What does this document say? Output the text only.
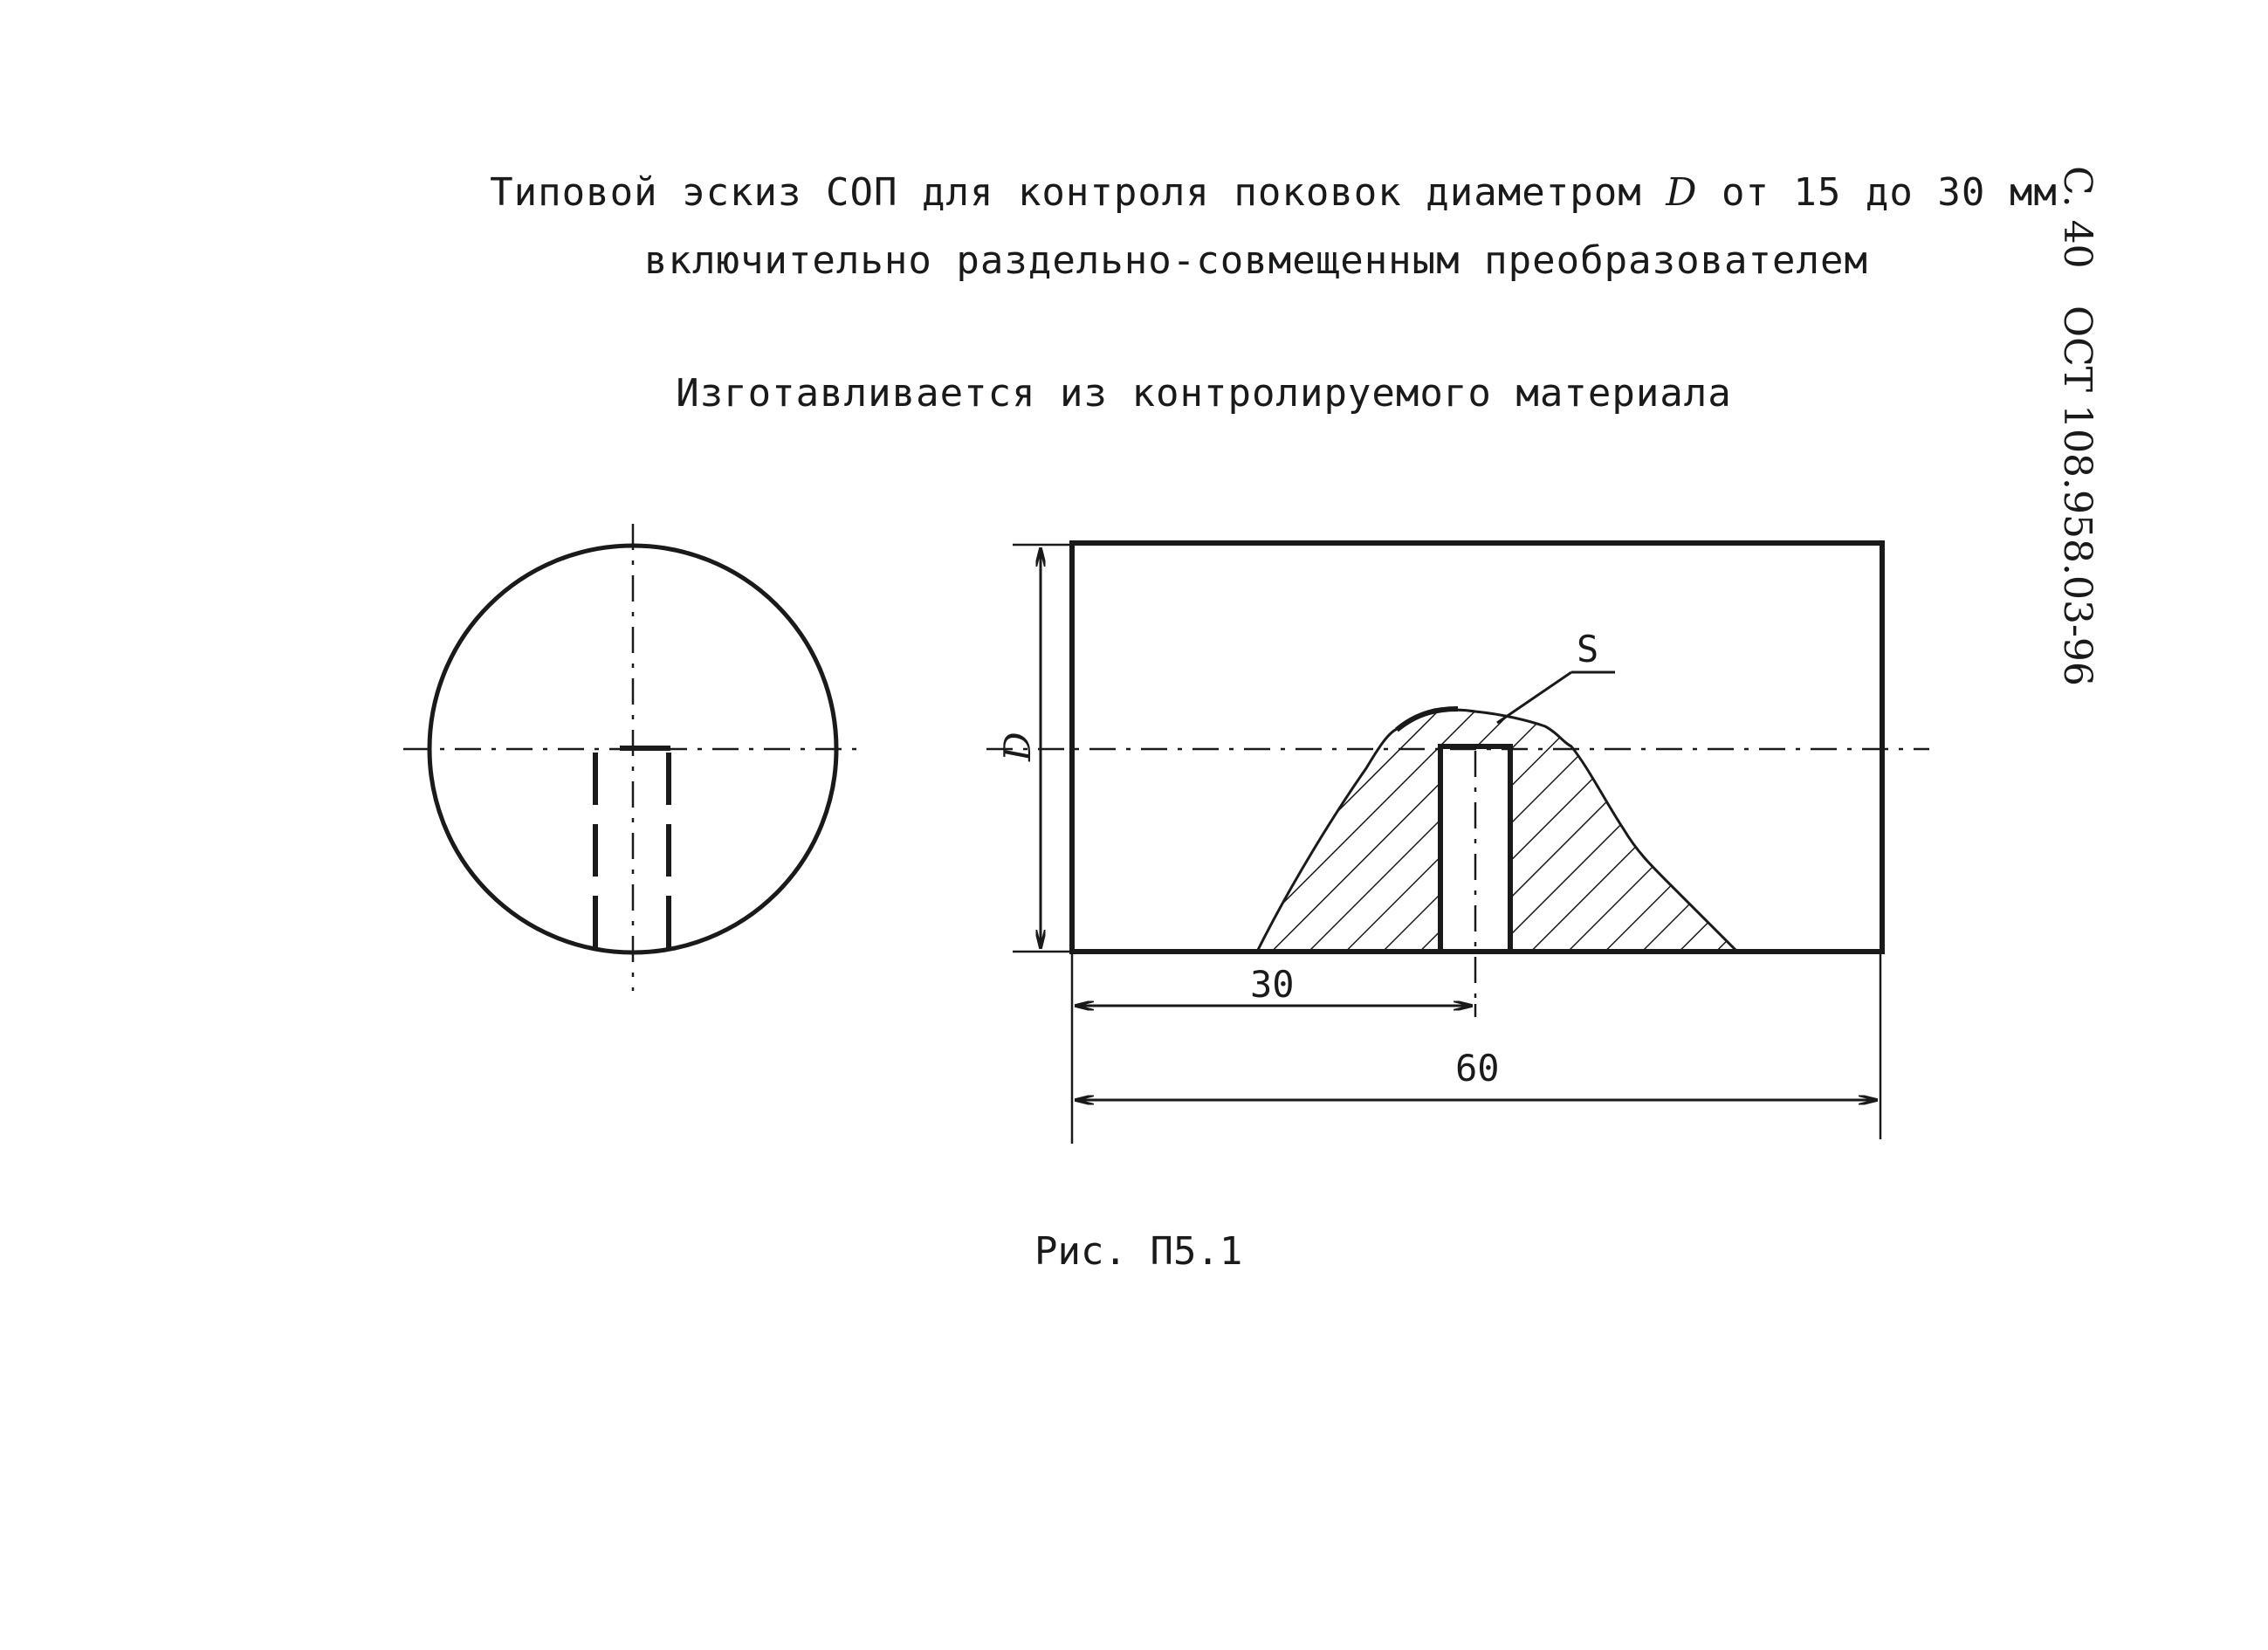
Типовой эскиз СОП для контроля поковок диаметром D от 15 до 30 мм
включительно раздельно-совмещенным преобразователем
Изготавливается из контролируемого материала
С. 40
ОСТ 108.958.03-96
S
D
30
60
Рис. П5.1
